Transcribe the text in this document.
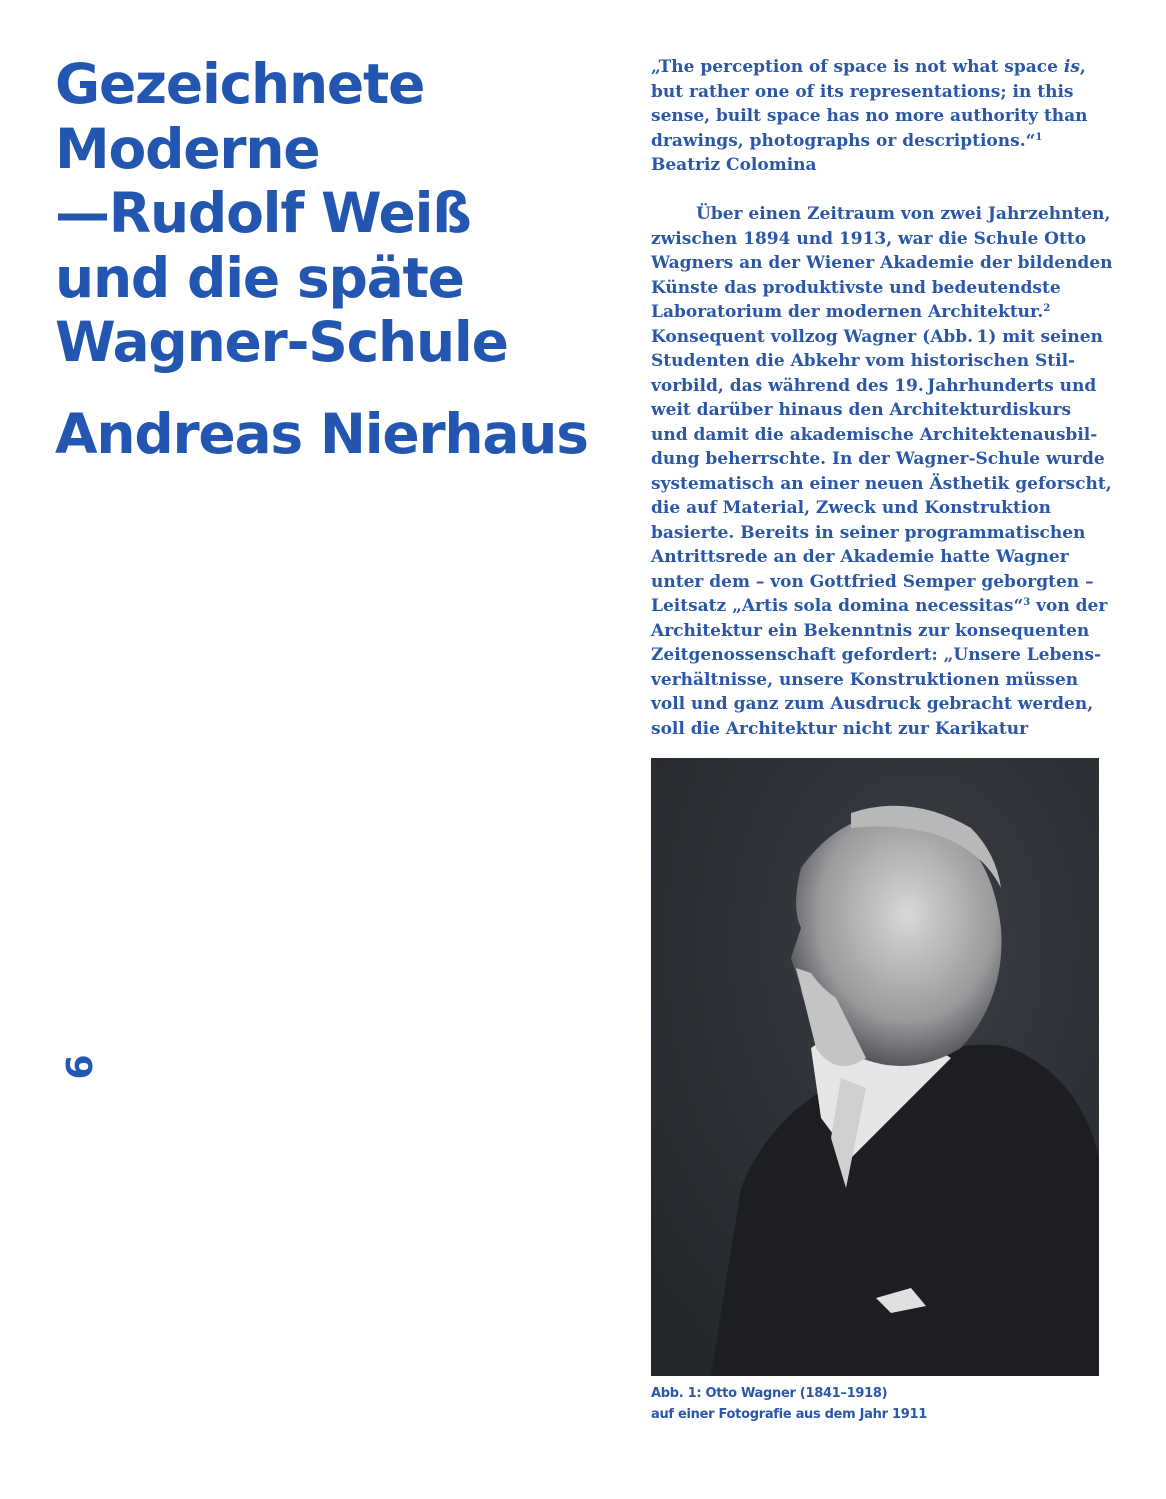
Gezeichnete
Moderne
—Rudolf Weiß
und die späte
Wagner-Schule
Andreas Nierhaus
9
„The perception of space is not what space is,
but rather one of its representations; in this
sense, built space has no more authority than
drawings, photographs or descriptions.“$^1$
Beatriz Colomina
Über einen Zeitraum von zwei Jahrzehnten,
zwischen 1894 und 1913, war die Schule Otto
Wagners an der Wiener Akademie der bildenden
Künste das produktivste und bedeutendste
Laboratorium der modernen Architektur.$^2$
Konsequent vollzog Wagner (Abb. 1) mit seinen
Studenten die Abkehr vom historischen Stil-
vorbild, das während des 19. Jahrhunderts und
weit darüber hinaus den Architekturdiskurs
und damit die akademische Architektenausbil-
dung beherrschte. In der Wagner-Schule wurde
systematisch an einer neuen Ästhetik geforscht,
die auf Material, Zweck und Konstruktion
basierte. Bereits in seiner programmatischen
Antrittsrede an der Akademie hatte Wagner
unter dem – von Gottfried Semper geborgten –
Leitsatz „Artis sola domina necessitas“$^3$ von der
Architektur ein Bekenntnis zur konsequenten
Zeitgenossenschaft gefordert: „Unsere Lebens-
verhältnisse, unsere Konstruktionen müssen
voll und ganz zum Ausdruck gebracht werden,
soll die Architektur nicht zur Karikatur
Abb. 1: Otto Wagner (1841–1918)
auf einer Fotografie aus dem Jahr 1911
